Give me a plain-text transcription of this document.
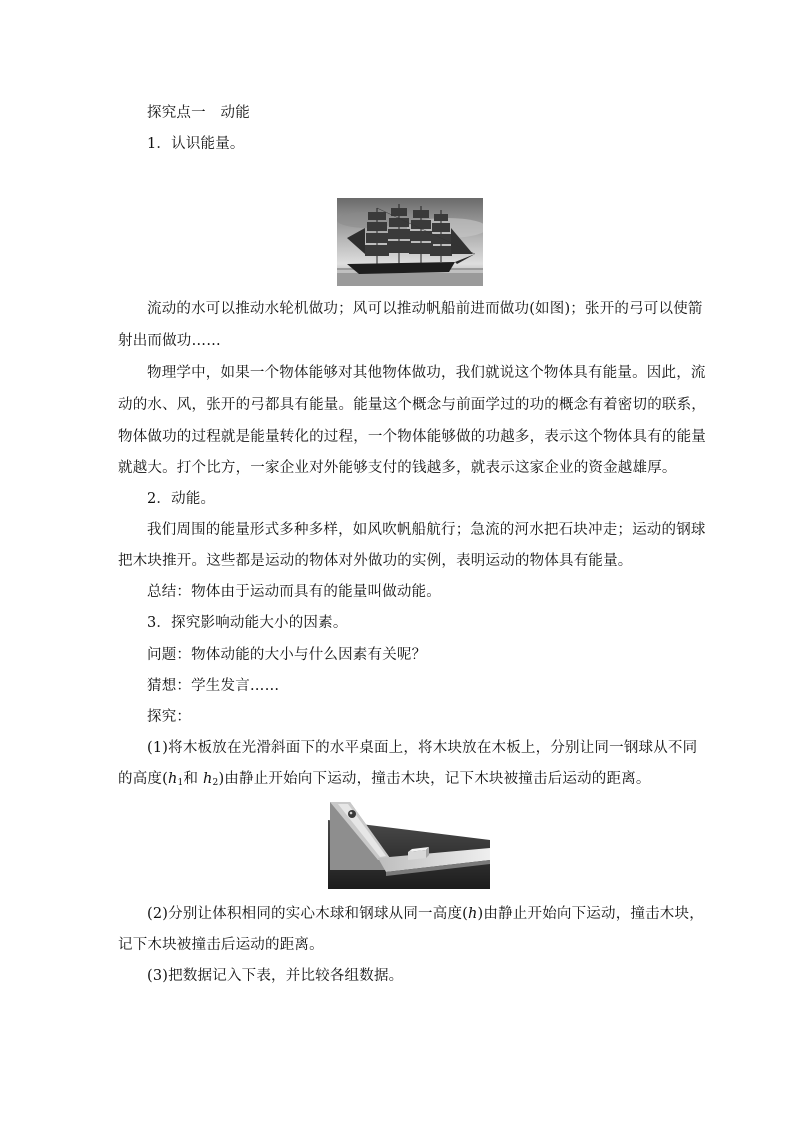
探究点一　动能
1．认识能量。
流动的水可以推动水轮机做功；风可以推动帆船前进而做功(如图)；张开的弓可以使箭
射出而做功……
物理学中，如果一个物体能够对其他物体做功，我们就说这个物体具有能量。因此，流
动的水、风，张开的弓都具有能量。能量这个概念与前面学过的功的概念有着密切的联系，
物体做功的过程就是能量转化的过程，一个物体能够做的功越多，表示这个物体具有的能量
就越大。打个比方，一家企业对外能够支付的钱越多，就表示这家企业的资金越雄厚。
2．动能。
我们周围的能量形式多种多样，如风吹帆船航行；急流的河水把石块冲走；运动的钢球
把木块推开。这些都是运动的物体对外做功的实例，表明运动的物体具有能量。
总结：物体由于运动而具有的能量叫做动能。
3．探究影响动能大小的因素。
问题：物体动能的大小与什么因素有关呢？
猜想：学生发言……
探究：
(1)将木板放在光滑斜面下的水平桌面上，将木块放在木板上，分别让同一钢球从不同
的高度($h_1$和 $h_2$)由静止开始向下运动，撞击木块，记下木块被撞击后运动的距离。
(2)分别让体积相同的实心木球和钢球从同一高度(h)由静止开始向下运动，撞击木块，
记下木块被撞击后运动的距离。
(3)把数据记入下表，并比较各组数据。
